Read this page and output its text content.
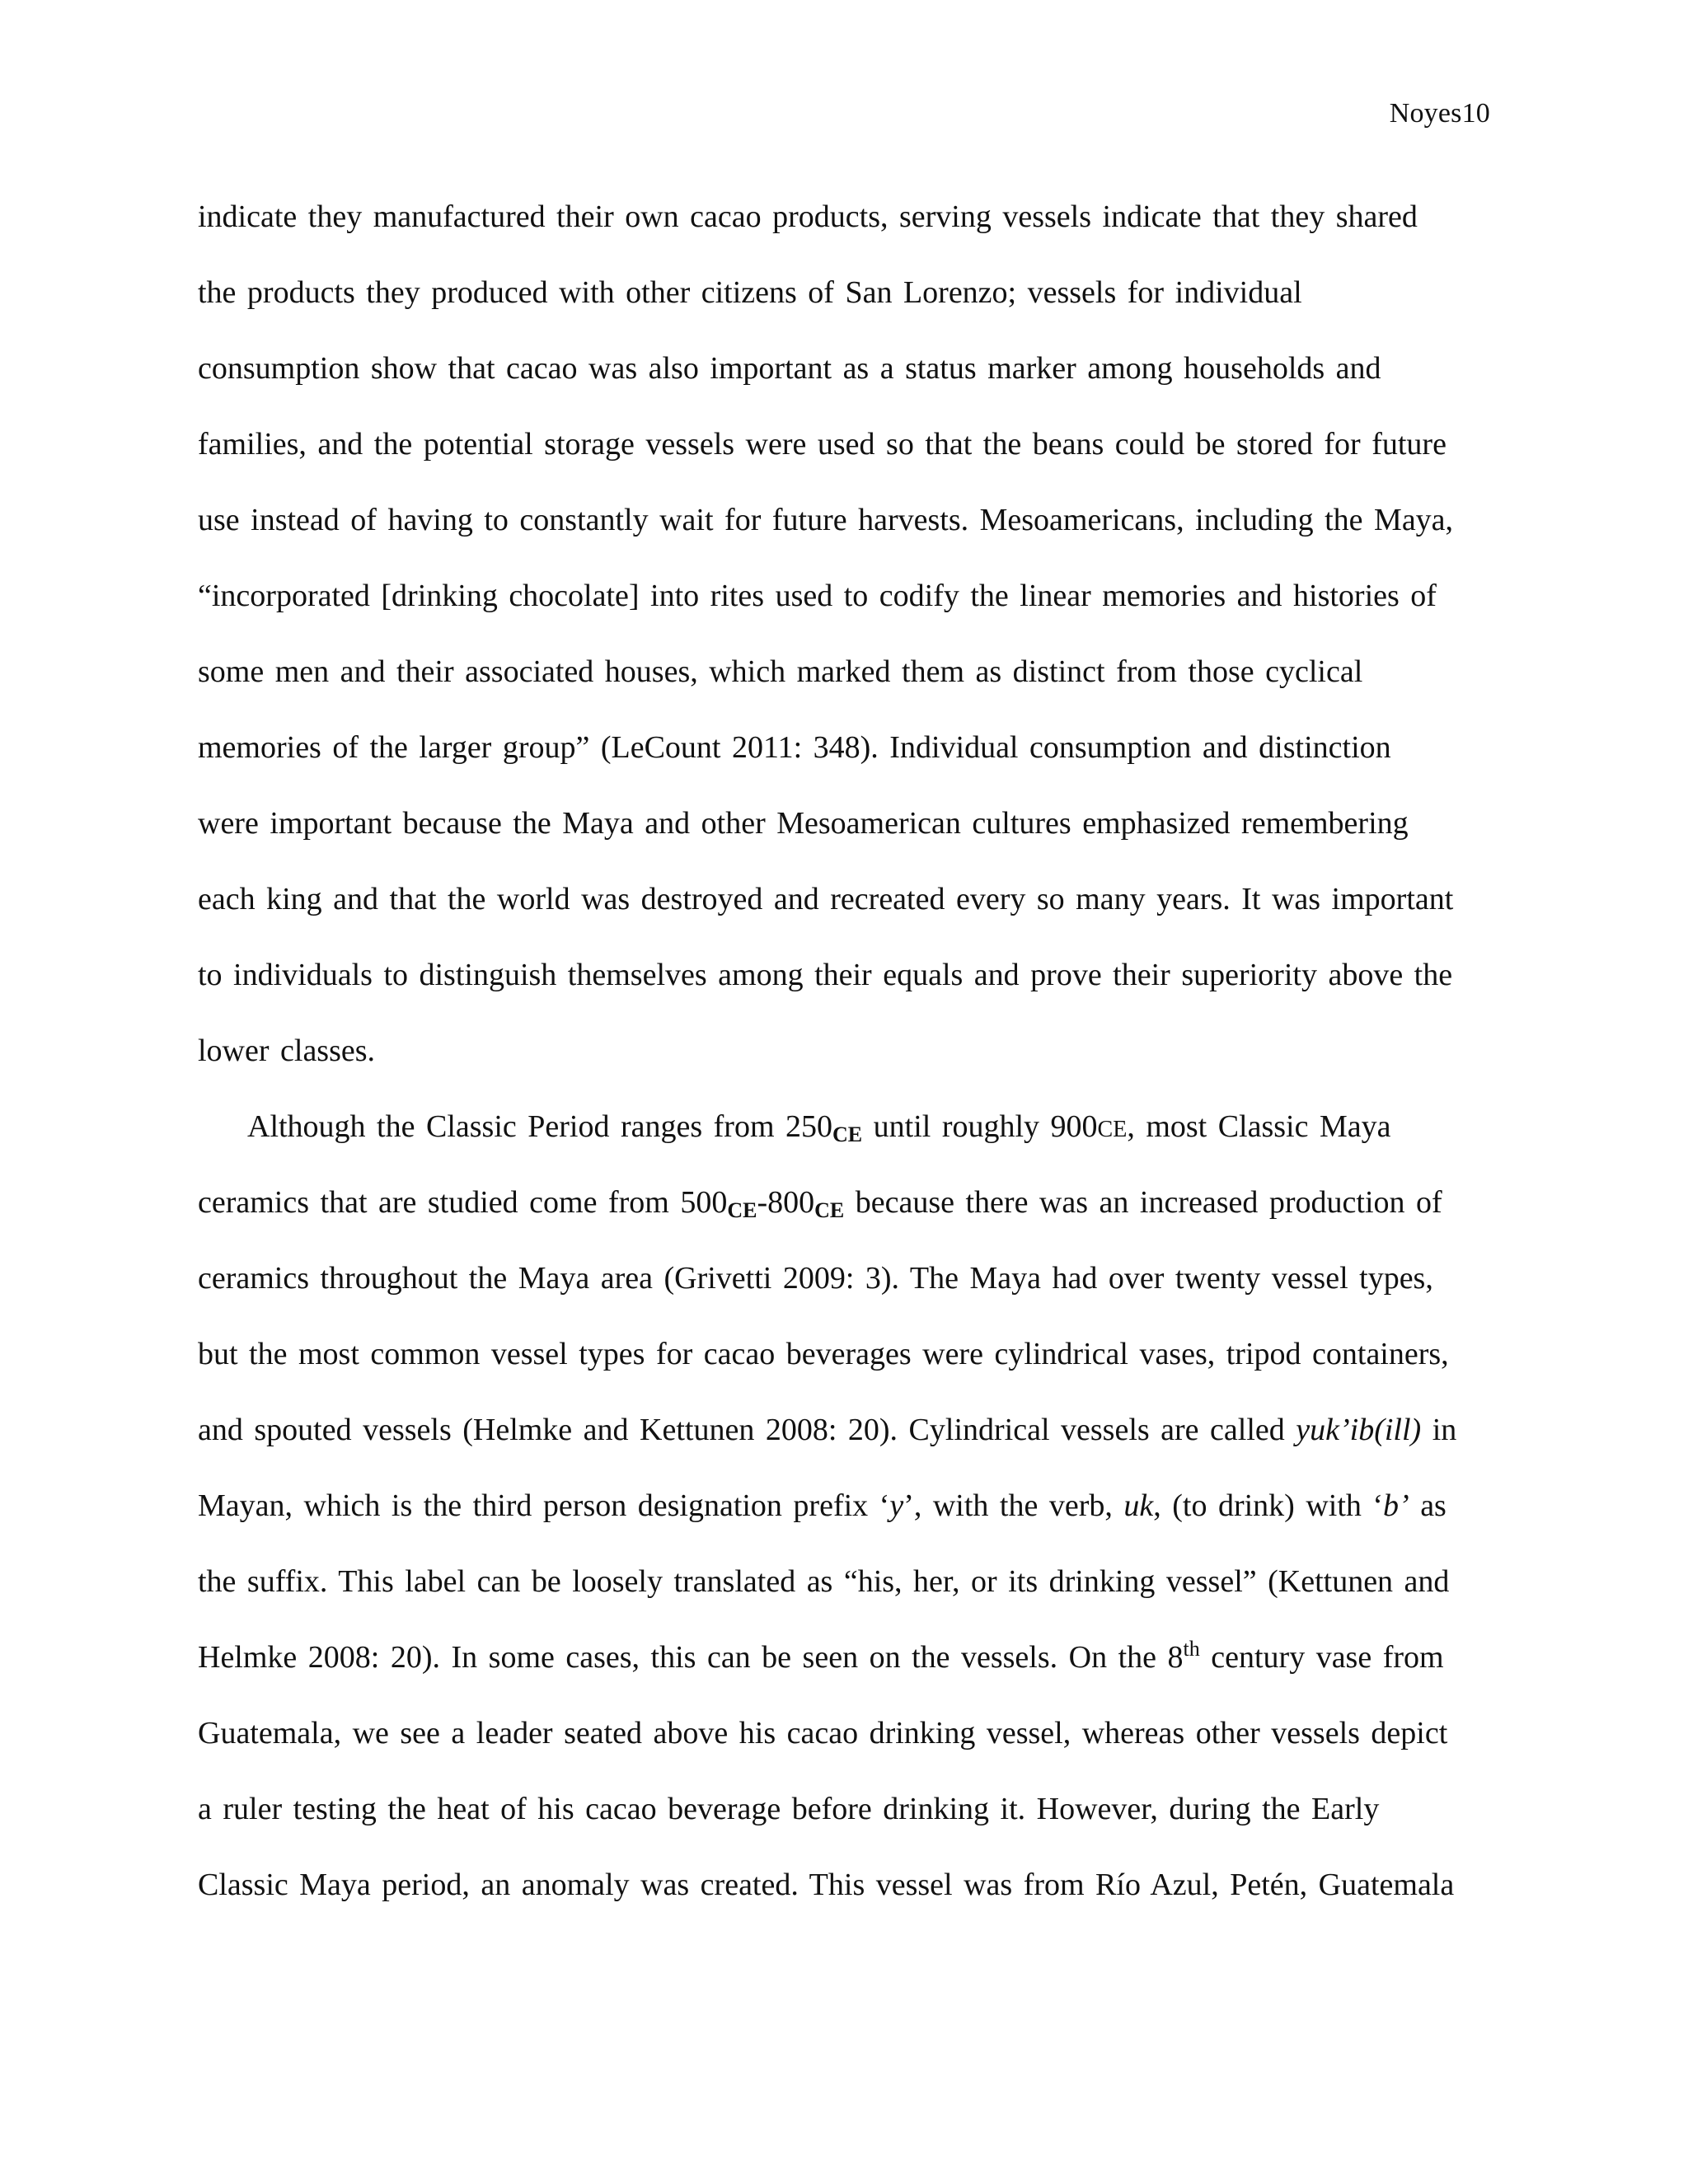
Noyes10
indicate they manufactured their own cacao products, serving vessels indicate that they shared
the products they produced with other citizens of San Lorenzo; vessels for individual
consumption show that cacao was also important as a status marker among households and
families, and the potential storage vessels were used so that the beans could be stored for future
use instead of having to constantly wait for future harvests. Mesoamericans, including the Maya,
“incorporated [drinking chocolate] into rites used to codify the linear memories and histories of
some men and their associated houses, which marked them as distinct from those cyclical
memories of the larger group” (LeCount 2011: 348). Individual consumption and distinction
were important because the Maya and other Mesoamerican cultures emphasized remembering
each king and that the world was destroyed and recreated every so many years. It was important
to individuals to distinguish themselves among their equals and prove their superiority above the
lower classes.
Although the Classic Period ranges from $250_{CE}$ until roughly 900CE, most Classic Maya
ceramics that are studied come from $500_{CE}-800_{CE}$ because there was an increased production of
ceramics throughout the Maya area (Grivetti 2009: 3). The Maya had over twenty vessel types,
but the most common vessel types for cacao beverages were cylindrical vases, tripod containers,
and spouted vessels (Helmke and Kettunen 2008: 20). Cylindrical vessels are called yuk’ib(ill) in
Mayan, which is the third person designation prefix ‘y’, with the verb, uk, (to drink) with ‘b’ as
the suffix. This label can be loosely translated as “his, her, or its drinking vessel” (Kettunen and
Helmke 2008: 20). In some cases, this can be seen on the vessels. On the 8th century vase from
Guatemala, we see a leader seated above his cacao drinking vessel, whereas other vessels depict
a ruler testing the heat of his cacao beverage before drinking it. However, during the Early
Classic Maya period, an anomaly was created. This vessel was from Río Azul, Petén, Guatemala
